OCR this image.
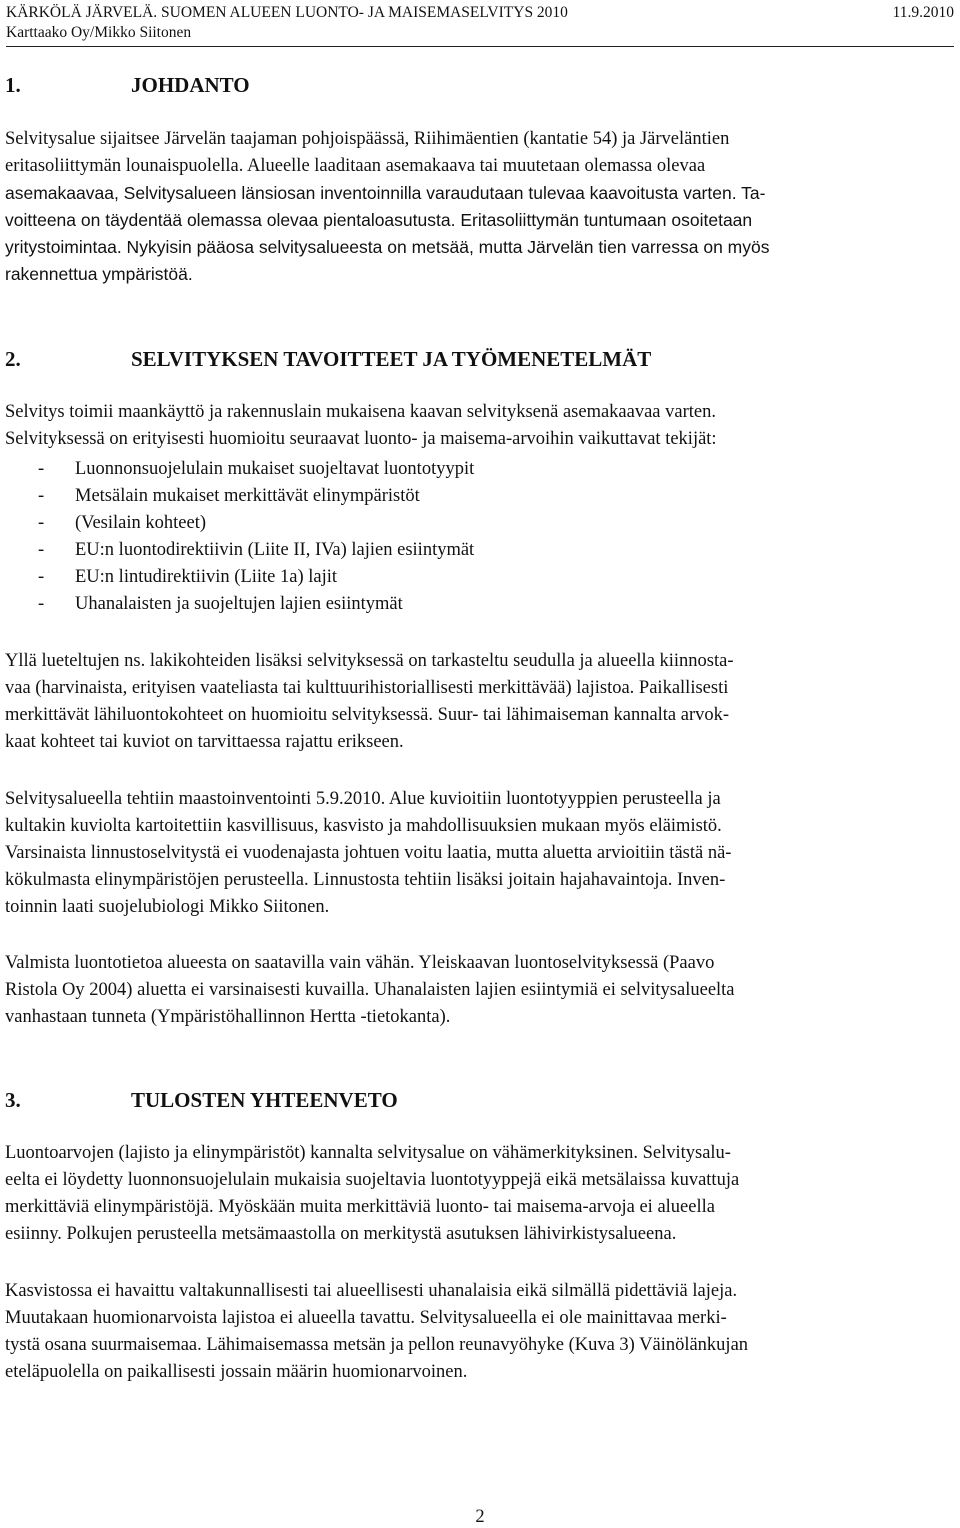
KÄRKÖLÄ JÄRVELÄ. SUOMEN ALUEEN LUONTO- JA MAISEMASELVITYS 2010	11.9.2010
Karttaako Oy/Mikko Siitonen
1.	JOHDANTO
Selvitysalue sijaitsee Järvelän taajaman pohjoispäässä, Riihimäentien (kantatie 54) ja Järveläntien
eritasoliittymän lounaispuolella. Alueelle laaditaan asemakaava tai muutetaan olemassa olevaa
asemakaavaa, Selvitysalueen länsiosan inventoinnilla varaudutaan tulevaa kaavoitusta varten. Ta-
voitteena on täydentää olemassa olevaa pientaloasutusta. Eritasoliittymän tuntumaan osoitetaan
yritystoimintaa. Nykyisin pääosa selvitysalueesta on metsää, mutta Järvelän tien varressa on myös
rakennettua ympäristöä.
2.	SELVITYKSEN TAVOITTEET JA TYÖMENETELMÄT
Selvitys toimii maankäyttö ja rakennuslain mukaisena kaavan selvityksenä asemakaavaa varten.
Selvityksessä on erityisesti huomioitu seuraavat luonto- ja maisema-arvoihin vaikuttavat tekijät:
-	Luonnonsuojelulain mukaiset suojeltavat luontotyypit
-	Metsälain mukaiset merkittävät elinympäristöt
-	(Vesilain kohteet)
-	EU:n luontodirektiivin (Liite II, IVa) lajien esiintymät
-	EU:n lintudirektiivin (Liite 1a) lajit
-	Uhanalaisten ja suojeltujen lajien esiintymät
Yllä lueteltujen ns. lakikohteiden lisäksi selvityksessä on tarkasteltu seudulla ja alueella kiinnosta-
vaa (harvinaista, erityisen vaateliasta tai kulttuurihistoriallisesti merkittävää) lajistoa. Paikallisesti
merkittävät lähiluontokohteet on huomioitu selvityksessä. Suur- tai lähimaiseman kannalta arvok-
kaat kohteet tai kuviot on tarvittaessa rajattu erikseen.
Selvitysalueella tehtiin maastoinventointi 5.9.2010. Alue kuvioitiin luontotyyppien perusteella ja
kultakin kuviolta kartoitettiin kasvillisuus, kasvisto ja mahdollisuuksien mukaan myös eläimistö.
Varsinaista linnustoselvitystä ei vuodenajasta johtuen voitu laatia, mutta aluetta arvioitiin tästä nä-
kökulmasta elinympäristöjen perusteella. Linnustosta tehtiin lisäksi joitain hajahavaintoja. Inven-
toinnin laati suojelubiologi Mikko Siitonen.
Valmista luontotietoa alueesta on saatavilla vain vähän. Yleiskaavan luontoselvityksessä (Paavo
Ristola Oy 2004) aluetta ei varsinaisesti kuvailla. Uhanalaisten lajien esiintymiä ei selvitysalueelta
vanhastaan tunneta (Ympäristöhallinnon Hertta -tietokanta).
3.	TULOSTEN YHTEENVETO
Luontoarvojen (lajisto ja elinympäristöt) kannalta selvitysalue on vähämerkityksinen. Selvitysalu-
eelta ei löydetty luonnonsuojelulain mukaisia suojeltavia luontotyyppejä eikä metsälaissa kuvattuja
merkittäviä elinympäristöjä. Myöskään muita merkittäviä luonto- tai maisema-arvoja ei alueella
esiinny. Polkujen perusteella metsämaastolla on merkitystä asutuksen lähivirkistysalueena.
Kasvistossa ei havaittu valtakunnallisesti tai alueellisesti uhanalaisia eikä silmällä pidettäviä lajeja.
Muutakaan huomionarvoista lajistoa ei alueella tavattu. Selvitysalueella ei ole mainittavaa merki-
tystä osana suurmaisemaa. Lähimaisemassa metsän ja pellon reunavyöhyke (Kuva 3) Väinölänkujan
eteläpuolella on paikallisesti jossain määrin huomionarvoinen.
2
